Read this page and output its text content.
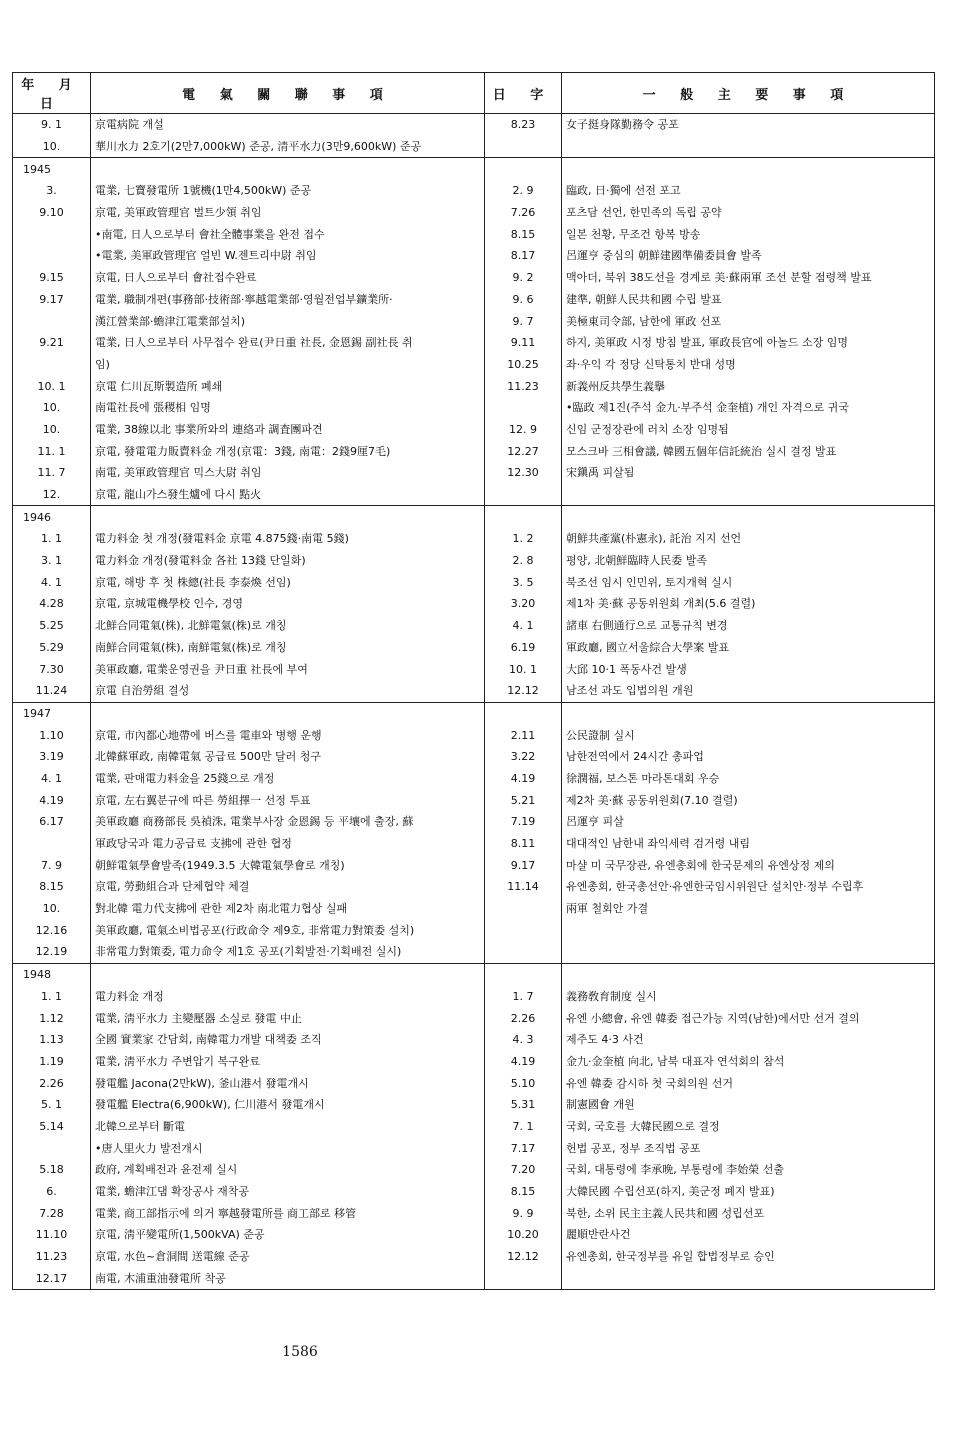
年 月 日	電 氣 關 聯 事 項	日 字	一 般 主 要 事 項
9. 1	京電病院 개설	8.23	女子挺身隊勤務令 공포
10.	華川水力 2호기(2만7,000kW) 준공, 清平水力(3만9,600kW) 준공		
1945			
3.	電業, 七寶發電所 1號機(1만4,500kW) 준공	2. 9	臨政, 日·獨에 선전 포고
9.10	京電, 美軍政管理官 벌트少領 취임	7.26	포츠담 선언, 한민족의 독립 공약
	•南電, 日人으로부터 會社全體事業을 완전 접수	8.15	일본 천황, 무조건 항복 방송
	•電業, 美軍政管理官 얼빈 W.젠트리中尉 취임	8.17	呂運亨 중심의 朝鮮建國準備委員會 발족
9.15	京電, 日人으로부터 會社접수완료	9. 2	맥아더, 북위 38도선을 경계로 美·蘇兩軍 조선 분할 점령책 발표
9.17	電業, 職制개편(事務部·技術部·寧越電業部·영월전업부鑛業所·	9. 6	建準, 朝鮮人民共和國 수립 발표
	漢江營業部·蟾津江電業部설치)	9. 7	美極東司令部, 남한에 軍政 선포
9.21	電業, 日人으로부터 사무접수 완료(尹日重 社長, 金恩錫 副社長 취	9.11	하지, 美軍政 시정 방침 발표, 軍政長官에 아놀드 소장 임명
	임)	10.25	좌·우익 각 정당 신탁통치 반대 성명
10. 1	京電 仁川瓦斯製造所 폐쇄	11.23	新義州反共學生義擧
10.	南電社長에 張稷相 임명		•臨政 제1진(주석 金九·부주석 金奎植) 개인 자격으로 귀국
10.	電業, 38線以北 事業所와의 連絡과 調査團파견	12. 9	신임 군정장관에 러치 소장 임명됨
11. 1	京電, 發電電力販賣料金 개정(京電：3錢, 南電：2錢9厘7毛)	12.27	모스크바 三相會議, 韓國五個年信託統治 실시 결정 발표
11. 7	南電, 美軍政管理官 믹스大尉 취임	12.30	宋鎭禹 피살됨
12.	京電, 龍山가스發生爐에 다시 點火		
1946			
1. 1	電力料金 첫 개정(發電料金 京電 4.875錢·南電 5錢)	1. 2	朝鮮共產黨(朴憲永), 託治 지지 선언
3. 1	電力料金 개정(發電料金 各社 13錢 단일화)	2. 8	평양, 北朝鮮臨時人民委 발족
4. 1	京電, 해방 후 첫 株總(社長 李泰煥 선임)	3. 5	북조선 임시 인민위, 토지개혁 실시
4.28	京電, 京城電機學校 인수, 경영	3.20	제1차 美·蘇 공동위원회 개최(5.6 결렬)
5.25	北鮮合同電氣(株), 北鮮電氣(株)로 개칭	4. 1	諸車 右側通行으로 교통규칙 변경
5.29	南鮮合同電氣(株), 南鮮電氣(株)로 개칭	6.19	軍政廳, 國立서울綜合大學案 발표
7.30	美軍政廳, 電業운영권을 尹日重 社長에 부여	10. 1	大邱 10·1 폭동사건 발생
11.24	京電 自治勞組 결성	12.12	남조선 과도 입법의원 개원
1947			
1.10	京電, 市內都心地帶에 버스를 電車와 병행 운행	2.11	公民證制 실시
3.19	北韓蘇軍政, 南韓電氣 공급료 500만 달러 청구	3.22	남한전역에서 24시간 총파업
4. 1	電業, 판매電力料金을 25錢으로 개정	4.19	徐潤福, 보스톤 마라톤대회 우승
4.19	京電, 左右翼분규에 따른 勞組擇一 선정 투표	5.21	제2차 美·蘇 공동위원회(7.10 결렬)
6.17	美軍政廳 商務部長 吳禎洙, 電業부사장 金恩錫 등 平壤에 출장, 蘇	7.19	呂運亨 피살
	軍政당국과 電力공급료 支拂에 관한 협정	8.11	대대적인 남한내 좌익세력 검거령 내림
7. 9	朝鮮電氣學會발족(1949.3.5 大韓電氣學會로 개칭)	9.17	마샬 미 국무장관, 유엔총회에 한국문제의 유엔상정 제의
8.15	京電, 勞動組合과 단체협약 체결	11.14	유엔총회, 한국총선안·유엔한국임시위원단 설치안·정부 수립후
10.	對北韓 電力代支拂에 관한 제2차 南北電力협상 실패		兩軍 철회안 가결
12.16	美軍政廳, 電氣소비법공포(行政命令 제9호, 非常電力對策委 설치)		
12.19	非常電力對策委, 電力命令 제1호 공포(기획발전·기획배전 실시)		
1948			
1. 1	電力料金 개정	1. 7	義務敎育制度 실시
1.12	電業, 淸平水力 主變壓器 소실로 發電 中止	2.26	유엔 小總會, 유엔 韓委 접근가능 지역(남한)에서만 선거 결의
1.13	全國 實業家 간담회, 南韓電力개발 대책委 조직	4. 3	제주도 4·3 사건
1.19	電業, 淸平水力 주변압기 복구완료	4.19	金九·金奎植 向北, 남북 대표자 연석회의 참석
2.26	發電艦 Jacona(2만kW), 釜山港서 發電개시	5.10	유엔 韓委 감시하 첫 국회의원 선거
5. 1	發電艦 Electra(6,900kW), 仁川港서 發電개시	5.31	制憲國會 개원
5.14	北韓으로부터 斷電	7. 1	국회, 국호를 大韓民國으로 결정
	•唐人里火力 발전개시	7.17	헌법 공포, 정부 조직법 공포
5.18	政府, 계획배전과 윤전제 실시	7.20	국회, 대통령에 李承晩, 부통령에 李始榮 선출
6.	電業, 蟾津江댐 확장공사 재착공	8.15	大韓民國 수립선포(하지, 美군정 폐지 발표)
7.28	電業, 商工部指示에 의거 寧越發電所를 商工部로 移管	9. 9	북한, 소위 民主主義人民共和國 성립선포
11.10	京電, 淸平變電所(1,500kVA) 준공	10.20	麗順반란사건
11.23	京電, 水色~倉洞間 送電線 준공	12.12	유엔총회, 한국정부를 유일 합법정부로 승인
12.17	南電, 木浦重油發電所 착공		
1586
